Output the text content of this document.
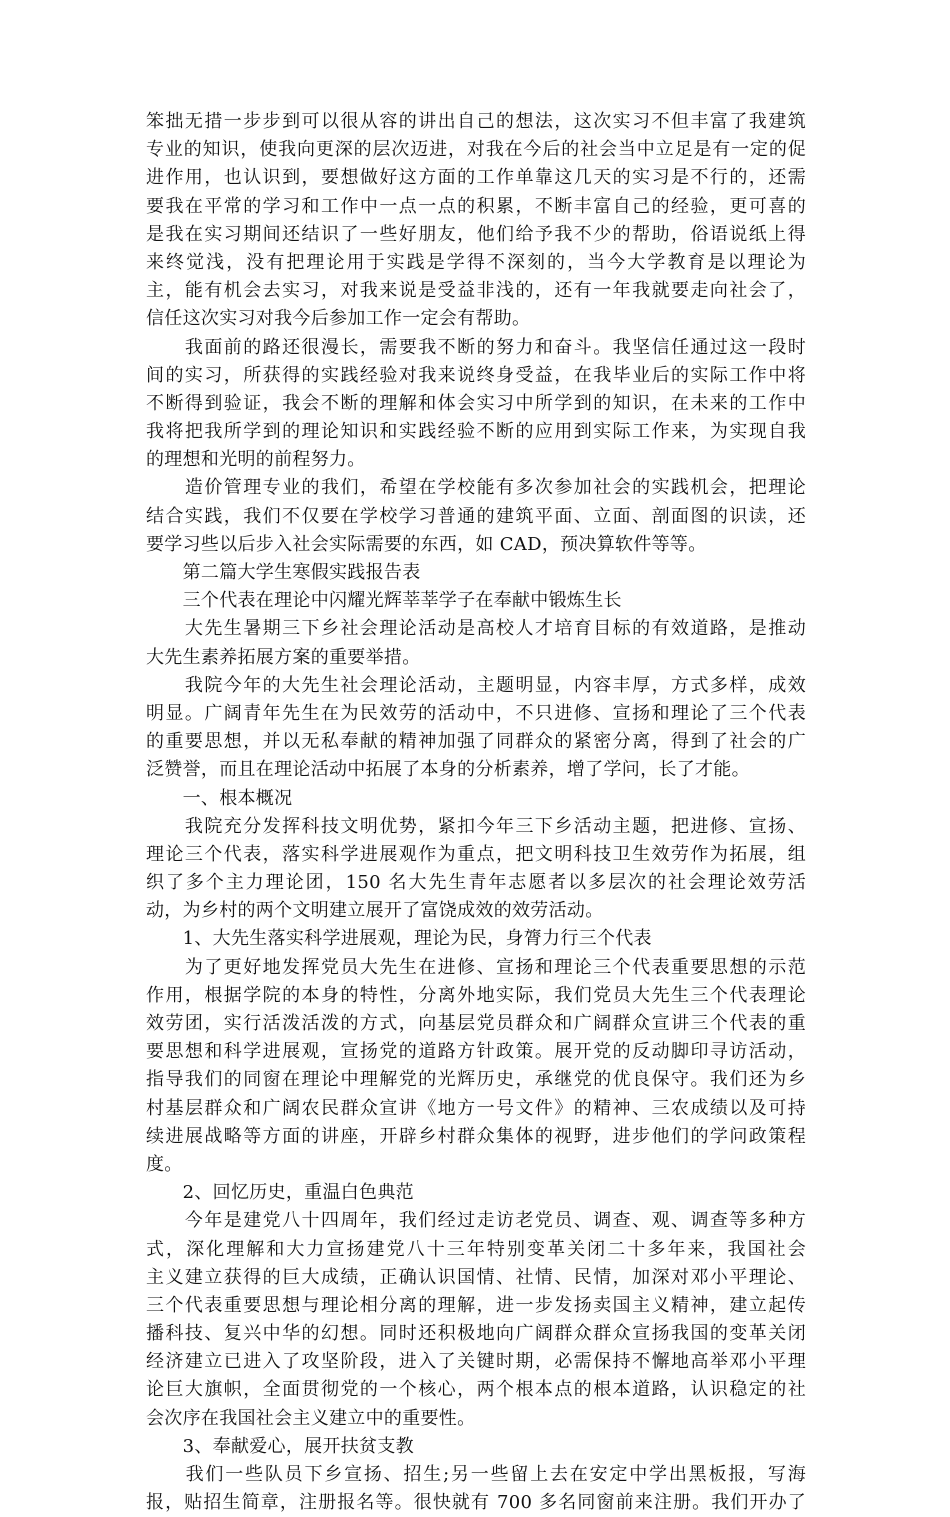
笨拙无措一步步到可以很从容的讲出自己的想法，这次实习不但丰富了我建筑
专业的知识，使我向更深的层次迈进，对我在今后的社会当中立足是有一定的促
进作用，也认识到，要想做好这方面的工作单靠这几天的实习是不行的，还需
要我在平常的学习和工作中一点一点的积累，不断丰富自己的经验，更可喜的
是我在实习期间还结识了一些好朋友，他们给予我不少的帮助，俗语说纸上得
来终觉浅，没有把理论用于实践是学得不深刻的，当今大学教育是以理论为
主，能有机会去实习，对我来说是受益非浅的，还有一年我就要走向社会了，
信任这次实习对我今后参加工作一定会有帮助。
　　我面前的路还很漫长，需要我不断的努力和奋斗。我坚信任通过这一段时
间的实习，所获得的实践经验对我来说终身受益，在我毕业后的实际工作中将
不断得到验证，我会不断的理解和体会实习中所学到的知识，在未来的工作中
我将把我所学到的理论知识和实践经验不断的应用到实际工作来，为实现自我
的理想和光明的前程努力。
　　造价管理专业的我们，希望在学校能有多次参加社会的实践机会，把理论
结合实践，我们不仅要在学校学习普通的建筑平面、立面、剖面图的识读，还
要学习些以后步入社会实际需要的东西，如 CAD，预决算软件等等。
　　第二篇大学生寒假实践报告表
　　三个代表在理论中闪耀光辉莘莘学子在奉献中锻炼生长
　　大先生暑期三下乡社会理论活动是高校人才培育目标的有效道路，是推动
大先生素养拓展方案的重要举措。
　　我院今年的大先生社会理论活动，主题明显，内容丰厚，方式多样，成效
明显。广阔青年先生在为民效劳的活动中，不只进修、宣扬和理论了三个代表
的重要思想，并以无私奉献的精神加强了同群众的紧密分离，得到了社会的广
泛赞誉，而且在理论活动中拓展了本身的分析素养，增了学问，长了才能。
　　一、根本概况
　　我院充分发挥科技文明优势，紧扣今年三下乡活动主题，把进修、宣扬、
理论三个代表，落实科学进展观作为重点，把文明科技卫生效劳作为拓展，组
织了多个主力理论团，150 名大先生青年志愿者以多层次的社会理论效劳活
动，为乡村的两个文明建立展开了富饶成效的效劳活动。
　　1、大先生落实科学进展观，理论为民，身膂力行三个代表
　　为了更好地发挥党员大先生在进修、宣扬和理论三个代表重要思想的示范
作用，根据学院的本身的特性，分离外地实际，我们党员大先生三个代表理论
效劳团，实行活泼活泼的方式，向基层党员群众和广阔群众宣讲三个代表的重
要思想和科学进展观，宣扬党的道路方针政策。展开党的反动脚印寻访活动，
指导我们的同窗在理论中理解党的光辉历史，承继党的优良保守。我们还为乡
村基层群众和广阔农民群众宣讲《地方一号文件》的精神、三农成绩以及可持
续进展战略等方面的讲座，开辟乡村群众集体的视野，进步他们的学问政策程
度。
　　2、回忆历史，重温白色典范
　　今年是建党八十四周年，我们经过走访老党员、调查、观、调查等多种方
式，深化理解和大力宣扬建党八十三年特别变革关闭二十多年来，我国社会
主义建立获得的巨大成绩，正确认识国情、社情、民情，加深对邓小平理论、
三个代表重要思想与理论相分离的理解，进一步发扬卖国主义精神，建立起传
播科技、复兴中华的幻想。同时还积极地向广阔群众群众宣扬我国的变革关闭
经济建立已进入了攻坚阶段，进入了关键时期，必需保持不懈地高举邓小平理
论巨大旗帜，全面贯彻党的一个核心，两个根本点的根本道路，认识稳定的社
会次序在我国社会主义建立中的重要性。
　　3、奉献爱心，展开扶贫支教
　　我们一些队员下乡宣扬、招生;另一些留上去在安定中学出黑板报，写海
报，贴招生简章，注册报名等。很快就有 700 多名同窗前来注册。我们开办了
